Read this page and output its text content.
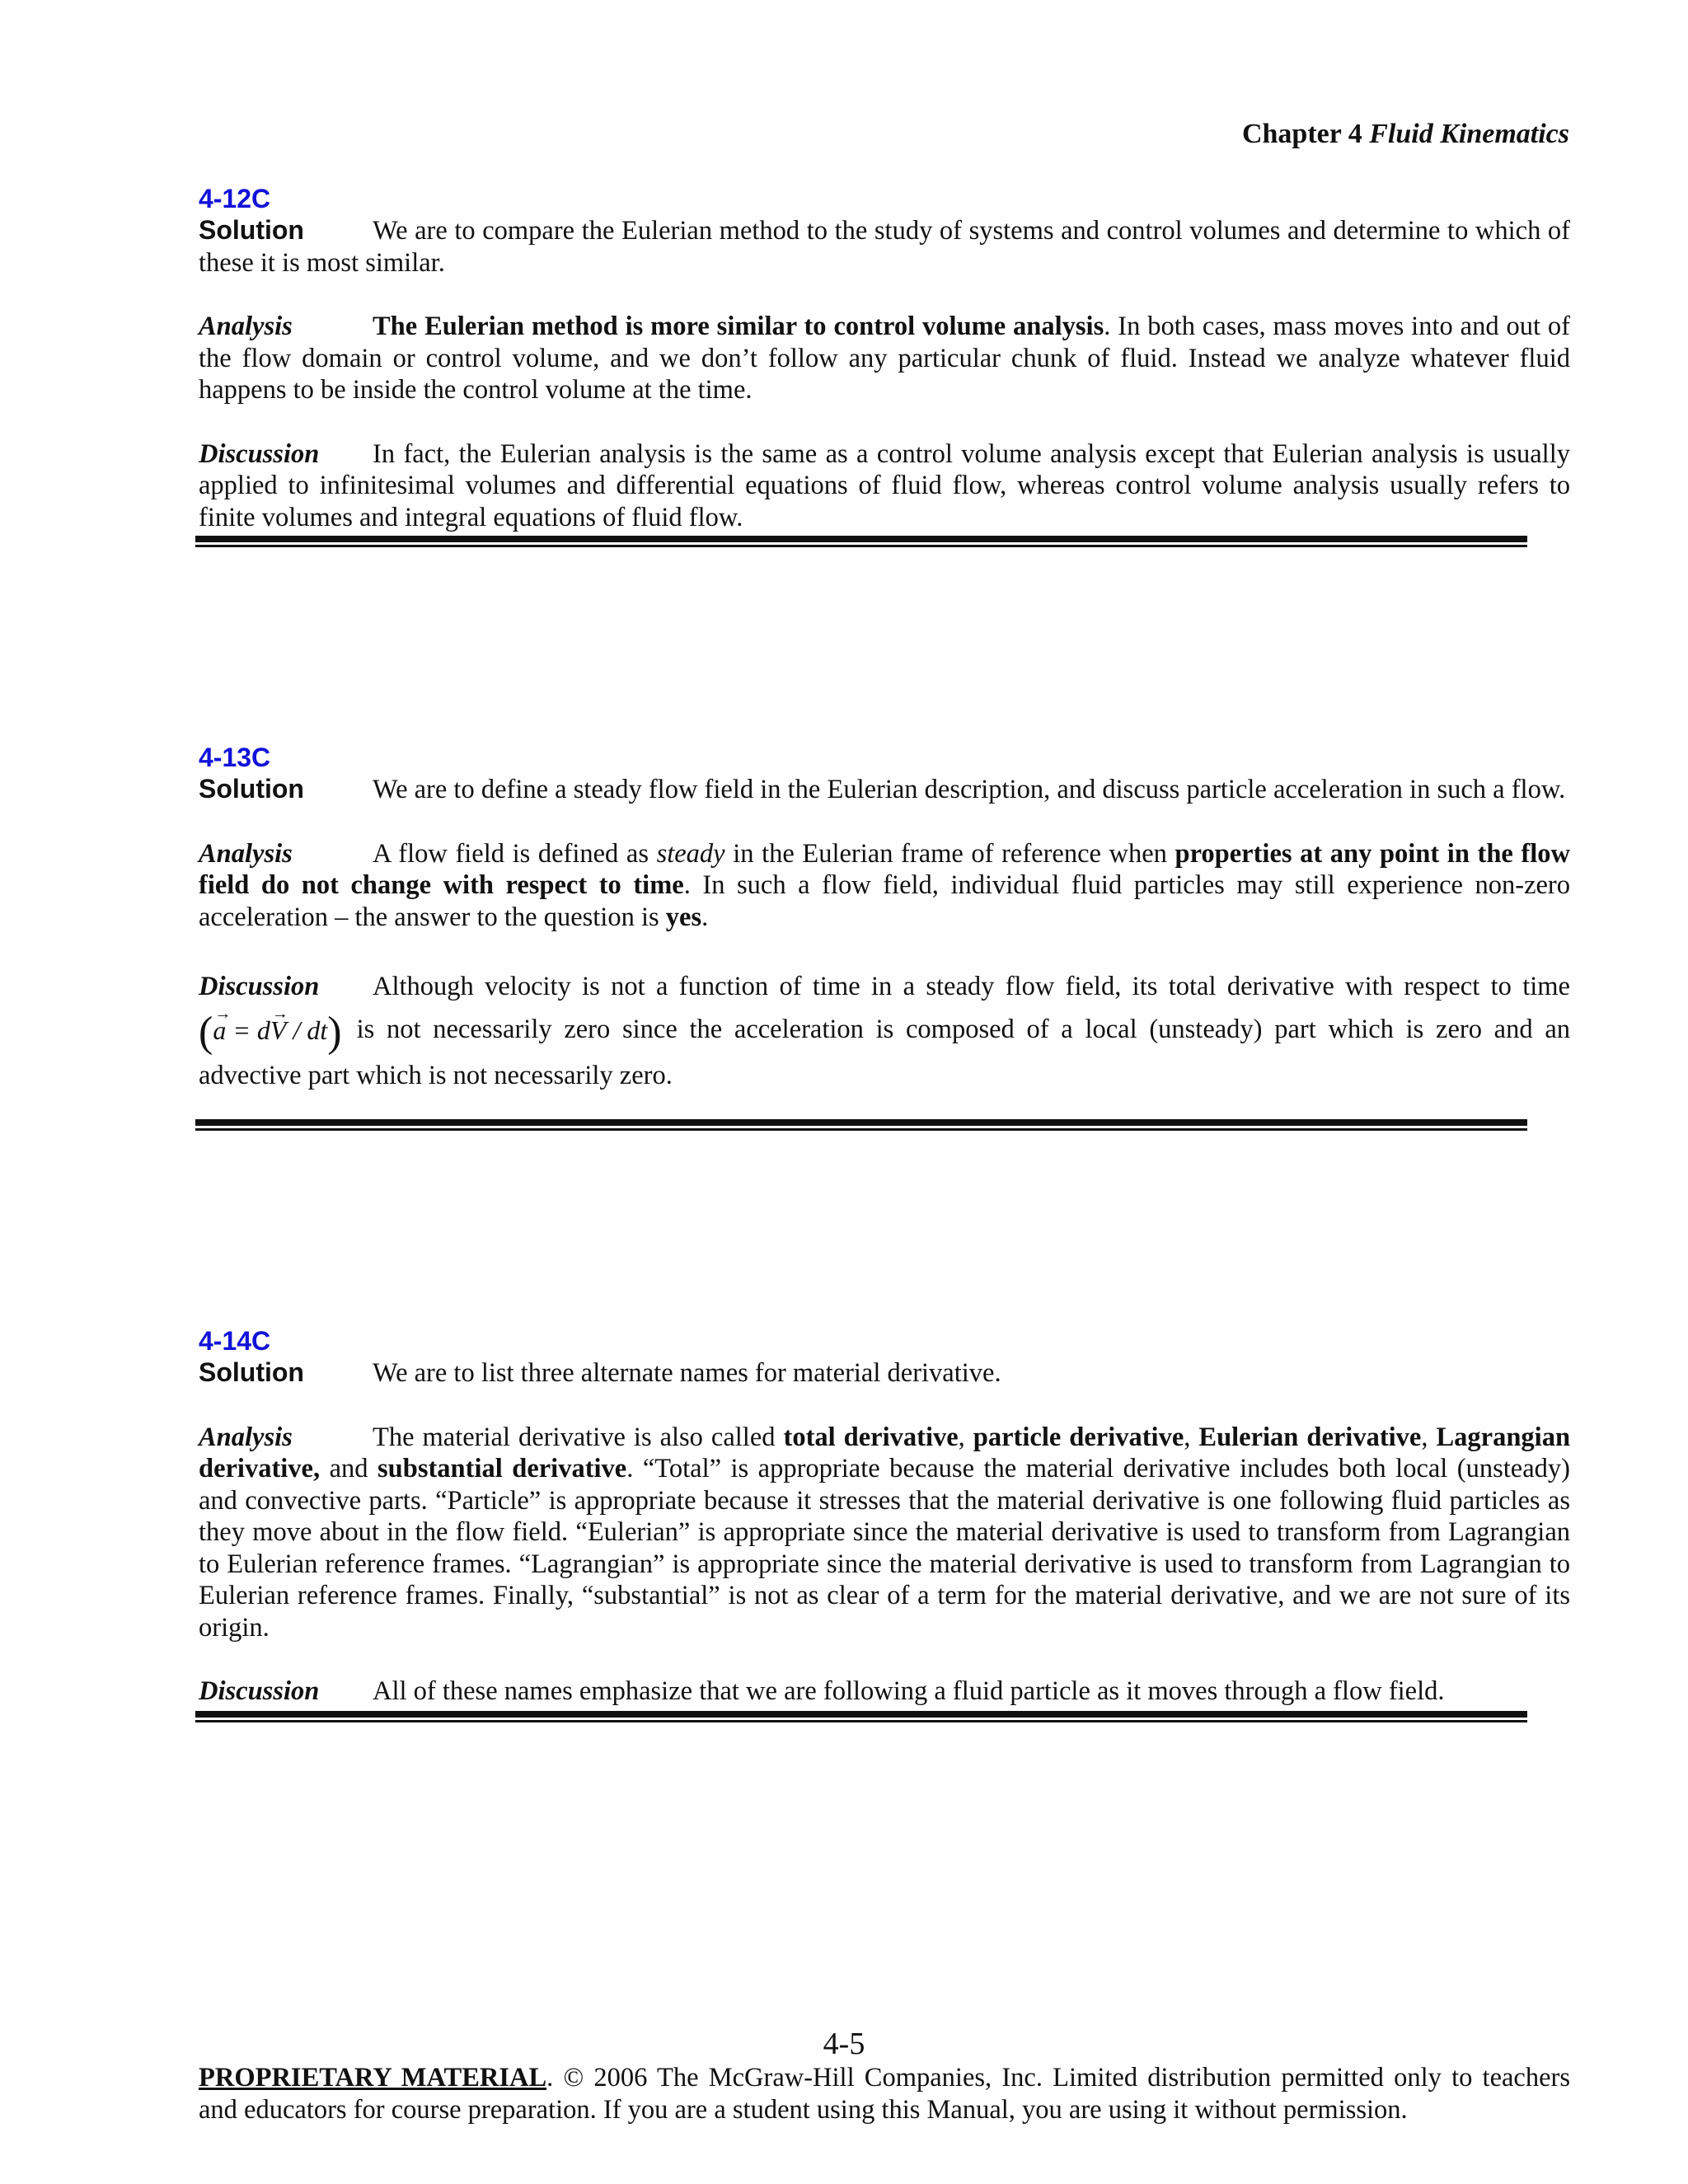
Chapter 4 Fluid Kinematics

4-12C

Solution	We are to compare the Eulerian method to the study of systems and control volumes and determine to which of these it is most similar.

Analysis	The Eulerian method is more similar to control volume analysis. In both cases, mass moves into and out of the flow domain or control volume, and we don’t follow any particular chunk of fluid. Instead we analyze whatever fluid happens to be inside the control volume at the time.

Discussion In fact, the Eulerian analysis is the same as a control volume analysis except that Eulerian analysis is usually applied to infinitesimal volumes and differential equations of fluid flow, whereas control volume analysis usually refers to finite volumes and integral equations of fluid flow.

4-13C

Solution	We are to define a steady flow field in the Eulerian description, and discuss particle acceleration in such a flow.

Analysis	A flow field is defined as steady in the Eulerian frame of reference when properties at any point in the flow field do not change with respect to time. In such a flow field, individual fluid particles may still experience non-zero acceleration – the answer to the question is yes.

Discussion Although velocity is not a function of time in a steady flow field, its total derivative with respect to time (→ a = d→ V / dt) is not necessarily zero since the acceleration is composed of a local (unsteady) part which is zero and an advective part which is not necessarily zero.

4-14C

Solution	We are to list three alternate names for material derivative.

Analysis	The material derivative is also called total derivative, particle derivative, Eulerian derivative, Lagrangian derivative, and substantial derivative. “Total” is appropriate because the material derivative includes both local (unsteady) and convective parts. “Particle” is appropriate because it stresses that the material derivative is one following fluid particles as they move about in the flow field. “Eulerian” is appropriate since the material derivative is used to transform from Lagrangian to Eulerian reference frames. “Lagrangian” is appropriate since the material derivative is used to transform from Lagrangian to Eulerian reference frames. Finally, “substantial” is not as clear of a term for the material derivative, and we are not sure of its origin.

Discussion All of these names emphasize that we are following a fluid particle as it moves through a flow field.

4-5
PROPRIETARY MATERIAL. © 2006 The McGraw-Hill Companies, Inc. Limited distribution permitted only to teachers and educators for course preparation. If you are a student using this Manual, you are using it without permission.
